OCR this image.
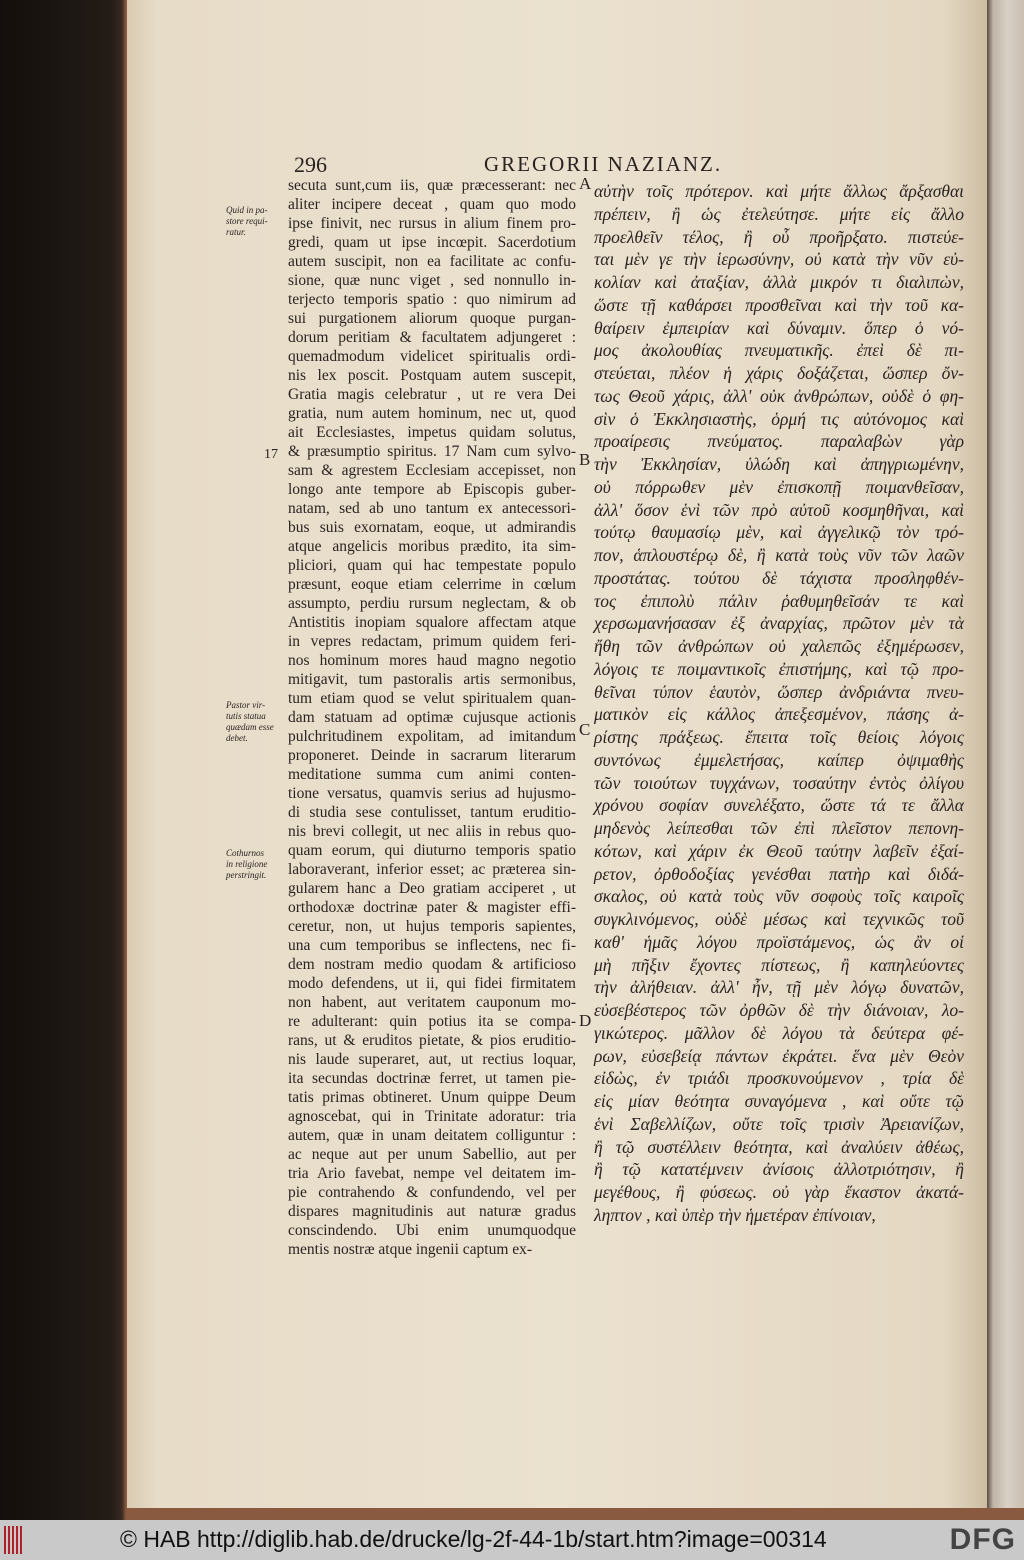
296	GREGORII NAZIANZ.
secuta sunt,cum iis, quæ præcesserant: nec
aliter incipere deceat , quam quo modo
ipse finivit, nec rursus in alium finem pro-
gredi, quam ut ipse incœpit. Sacerdotium
autem suscipit, non ea facilitate ac confu-
sione, quæ nunc viget , sed nonnullo in-
terjecto temporis spatio : quo nimirum ad
sui purgationem aliorum quoque purgan-
dorum peritiam & facultatem adjungeret :
quemadmodum videlicet spiritualis ordi-
nis lex poscit. Postquam autem suscepit,
Gratia magis celebratur , ut re vera Dei
gratia, num autem hominum, nec ut, quod
ait Ecclesiastes, impetus quidam solutus,
& præsumptio spiritus. 17 Nam cum sylvo-
sam & agrestem Ecclesiam accepisset, non
longo ante tempore ab Episcopis guber-
natam, sed ab uno tantum ex antecessori-
bus suis exornatam, eoque, ut admirandis
atque angelicis moribus prædito, ita sim-
pliciori, quam qui hac tempestate populo
præsunt, eoque etiam celerrime in cœlum
assumpto, perdiu rursum neglectam, & ob
Antistitis inopiam squalore affectam atque
in vepres redactam, primum quidem feri-
nos hominum mores haud magno negotio
mitigavit, tum pastoralis artis sermonibus,
tum etiam quod se velut spiritualem quan-
dam statuam ad optimæ cujusque actionis
pulchritudinem expolitam, ad imitandum
proponeret. Deinde in sacrarum literarum
meditatione summa cum animi conten-
tione versatus, quamvis serius ad hujusmo-
di studia sese contulisset, tantum eruditio-
nis brevi collegit, ut nec aliis in rebus quo-
quam eorum, qui diuturno temporis spatio
laboraverant, inferior esset; ac præterea sin-
gularem hanc a Deo gratiam acciperet , ut
orthodoxæ doctrinæ pater & magister effi-
ceretur, non, ut hujus temporis sapientes,
una cum temporibus se inflectens, nec fi-
dem nostram medio quodam & artificioso
modo defendens, ut ii, qui fidei firmitatem
non habent, aut veritatem cauponum mo-
re adulterant: quin potius ita se compa-
rans, ut & eruditos pietate, & pios eruditio-
nis laude superaret, aut, ut rectius loquar,
ita secundas doctrinæ ferret, ut tamen pie-
tatis primas obtineret. Unum quippe Deum
agnoscebat, qui in Trinitate adoratur: tria
autem, quæ in unam deitatem colliguntur :
ac neque aut per unum Sabellio, aut per
tria Ario favebat, nempe vel deitatem im-
pie contrahendo & confundendo, vel per
dispares magnitudinis aut naturæ gradus
conscindendo. Ubi enim unumquodque
mentis nostræ atque ingenii captum ex-
αὐτὴν τοῖς πρότερον. καὶ μήτε ἄλλως ἄρξασθαι
πρέπειν, ἢ ὡς ἐτελεύτησε. μήτε εἰς ἄλλο
προελθεῖν τέλος, ἢ οὗ προῆρξατο. πιστεύε-
ται μὲν γε τὴν ἱερωσύνην, οὐ κατὰ τὴν νῦν εὐ-
κολίαν καὶ ἀταξίαν, ἀλλὰ μικρόν τι διαλιπὼν,
ὥστε τῇ καθάρσει προσθεῖναι καὶ τὴν τοῦ κα-
θαίρειν ἐμπειρίαν καὶ δύναμιν. ὅπερ ὁ νό-
μος ἀκολουθίας πνευματικῆς. ἐπεὶ δὲ πι-
στεύεται, πλέον ἡ χάρις δοξάζεται, ὥσπερ ὄν-
τως Θεοῦ χάρις, ἀλλ' οὐκ ἀνθρώπων, οὐδὲ ὁ φη-
σὶν ὁ Ἐκκλησιαστὴς, ὁρμή τις αὐτόνομος καὶ
προαίρεσις πνεύματος. παραλαβὼν γὰρ
τὴν Ἐκκλησίαν, ὑλώδη καὶ ἀπηγριωμένην,
οὐ πόρρωθεν μὲν ἐπισκοπῇ ποιμανθεῖσαν,
ἀλλ' ὅσον ἑνὶ τῶν πρὸ αὐτοῦ κοσμηθῆναι, καὶ
τούτῳ θαυμασίῳ μὲν, καὶ ἀγγελικῷ τὸν τρό-
πον, ἁπλουστέρῳ δὲ, ἢ κατὰ τοὺς νῦν τῶν λαῶν
προστάτας. τούτου δὲ τάχιστα προσληφθέν-
τος ἐπιπολὺ πάλιν ῥαθυμηθεῖσάν τε καὶ
χερσωμανήσασαν ἐξ ἀναρχίας, πρῶτον μὲν τὰ
ἤθη τῶν ἀνθρώπων οὐ χαλεπῶς ἐξημέρωσεν,
λόγοις τε ποιμαντικοῖς ἐπιστήμης, καὶ τῷ προ-
θεῖναι τύπον ἑαυτὸν, ὥσπερ ἀνδριάντα πνευ-
ματικὸν εἰς κάλλος ἀπεξεσμένον, πάσης ἀ-
ρίστης πράξεως. ἔπειτα τοῖς θείοις λόγοις
συντόνως ἐμμελετήσας, καίπερ ὀψιμαθὴς
τῶν τοιούτων τυγχάνων, τοσαύτην ἐντὸς ὀλίγου
χρόνου σοφίαν συνελέξατο, ὥστε τά τε ἄλλα
μηδενὸς λείπεσθαι τῶν ἐπὶ πλεῖστον πεπονη-
κότων, καὶ χάριν ἐκ Θεοῦ ταύτην λαβεῖν ἐξαί-
ρετον, ὀρθοδοξίας γενέσθαι πατὴρ καὶ διδά-
σκαλος, οὐ κατὰ τοὺς νῦν σοφοὺς τοῖς καιροῖς
συγκλινόμενος, οὐδὲ μέσως καὶ τεχνικῶς τοῦ
καθ' ἡμᾶς λόγου προϊστάμενος, ὡς ἂν οἱ
μὴ πῆξιν ἔχοντες πίστεως, ἢ καπηλεύοντες
τὴν ἀλήθειαν. ἀλλ' ἦν, τῇ μὲν λόγῳ δυνατῶν,
εὐσεβέστερος τῶν ὀρθῶν δὲ τὴν διάνοιαν, λο-
γικώτερος. μᾶλλον δὲ λόγου τὰ δεύτερα φέ-
ρων, εὐσεβείᾳ πάντων ἐκράτει. ἕνα μὲν Θεὸν
εἰδὼς, ἐν τριάδι προσκυνούμενον , τρία δὲ
εἰς μίαν θεότητα συναγόμενα , καὶ οὔτε τῷ
ἑνὶ Σαβελλίζων, οὔτε τοῖς τρισὶν Ἀρειανίζων,
ἢ τῷ συστέλλειν θεότητα, καὶ ἀναλύειν ἀθέως,
ἢ τῷ κατατέμνειν ἀνίσοις ἀλλοτριότησιν, ἢ
μεγέθους, ἢ φύσεως. οὐ γὰρ ἕκαστον ἀκατά-
ληπτον , καὶ ὑπὲρ τὴν ἡμετέραν ἐπίνοιαν,
A
B
C
D
17
Quid in pa-
store requi-
ratur.
Pastor vir-
tutis statua
quædam esse
debet.
Cothurnos
in religione
perstringit.
© HAB http://diglib.hab.de/drucke/lg-2f-44-1b/start.htm?image=00314	DFG
